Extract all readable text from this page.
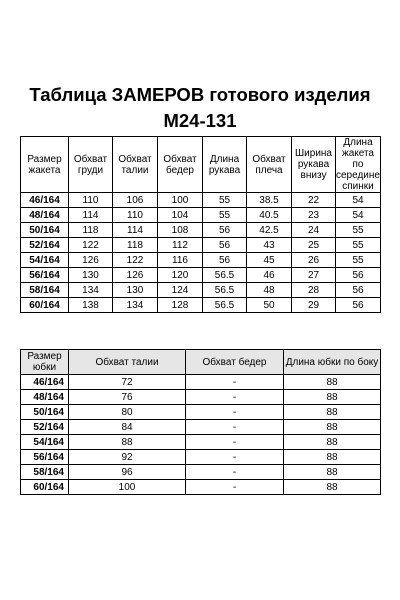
Таблица ЗАМЕРОВ готового изделия
М24-131
Размер жакета	Обхват груди	Обхват талии	Обхват бедер	Длина рукава	Обхват плеча	Ширина рукава внизу	Длина жакета по середине спинки
46/164	110	106	100	55	38.5	22	54
48/164	114	110	104	55	40.5	23	54
50/164	118	114	108	56	42.5	24	55
52/164	122	118	112	56	43	25	55
54/164	126	122	116	56	45	26	55
56/164	130	126	120	56.5	46	27	56
58/164	134	130	124	56.5	48	28	56
60/164	138	134	128	56.5	50	29	56
Размер юбки	Обхват талии	Обхват бедер	Длина юбки по боку
46/164	72	-	88
48/164	76	-	88
50/164	80	-	88
52/164	84	-	88
54/164	88	-	88
56/164	92	-	88
58/164	96	-	88
60/164	100	-	88
